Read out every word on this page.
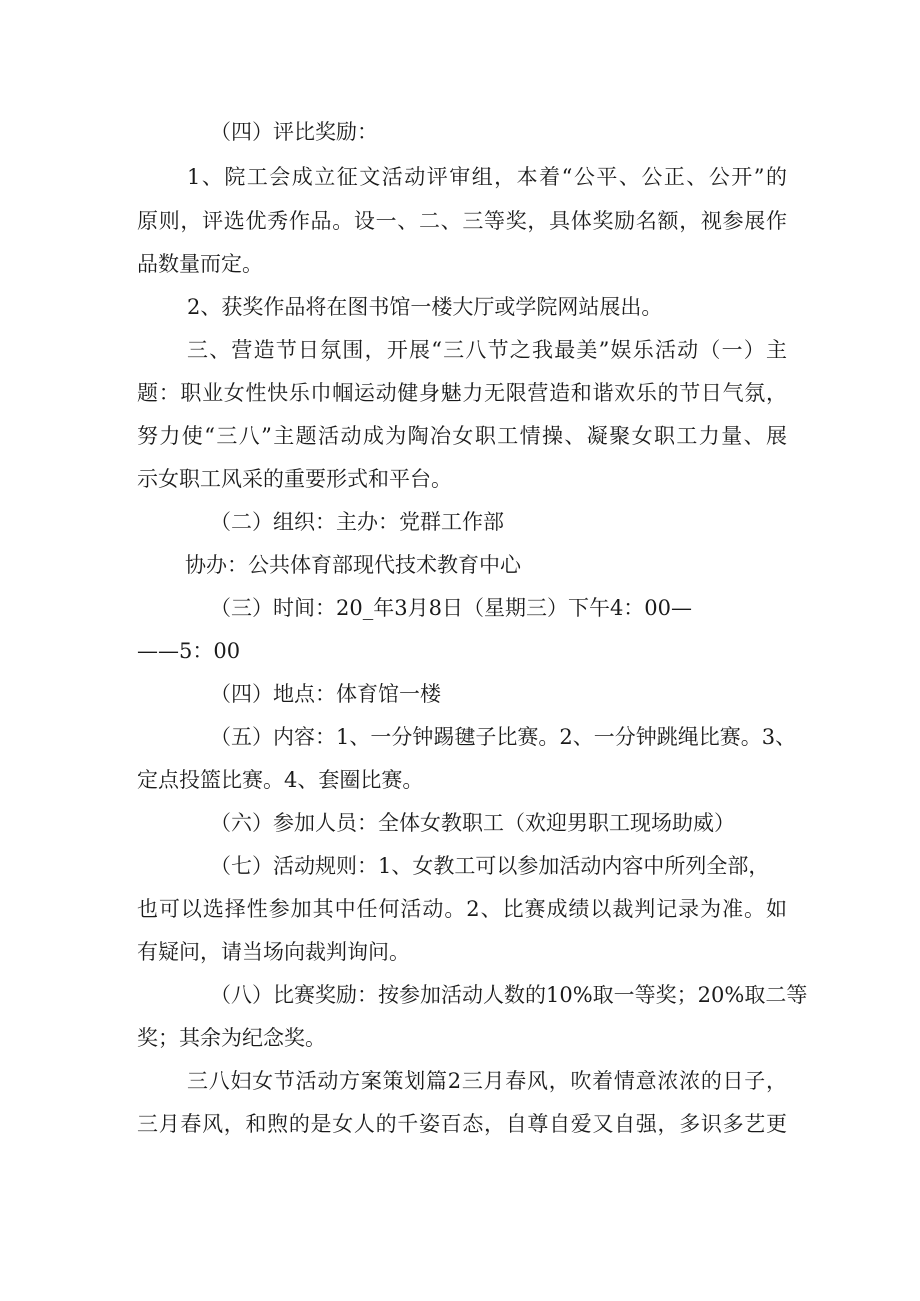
（四）评比奖励：
1、院工会成立征文活动评审组，本着“公平、公正、公开”的
原则，评选优秀作品。设一、二、三等奖，具体奖励名额，视参展作
品数量而定。
2、获奖作品将在图书馆一楼大厅或学院网站展出。
三、营造节日氛围，开展“三八节之我最美”娱乐活动（一）主
题：职业女性快乐巾帼运动健身魅力无限营造和谐欢乐的节日气氛，
努力使“三八”主题活动成为陶冶女职工情操、凝聚女职工力量、展
示女职工风采的重要形式和平台。
（二）组织：主办：党群工作部
协办：公共体育部现代技术教育中心
（三）时间：20_年3月8日（星期三）下午4：00—
——5：00
（四）地点：体育馆一楼
（五）内容：1、一分钟踢毽子比赛。2、一分钟跳绳比赛。3、
定点投篮比赛。4、套圈比赛。
（六）参加人员：全体女教职工（欢迎男职工现场助威）
（七）活动规则：1、女教工可以参加活动内容中所列全部，
也可以选择性参加其中任何活动。2、比赛成绩以裁判记录为准。如
有疑问，请当场向裁判询问。
（八）比赛奖励：按参加活动人数的10%取一等奖；20%取二等
奖；其余为纪念奖。
三八妇女节活动方案策划篇2三月春风，吹着情意浓浓的日子，
三月春风，和煦的是女人的千姿百态，自尊自爱又自强，多识多艺更
